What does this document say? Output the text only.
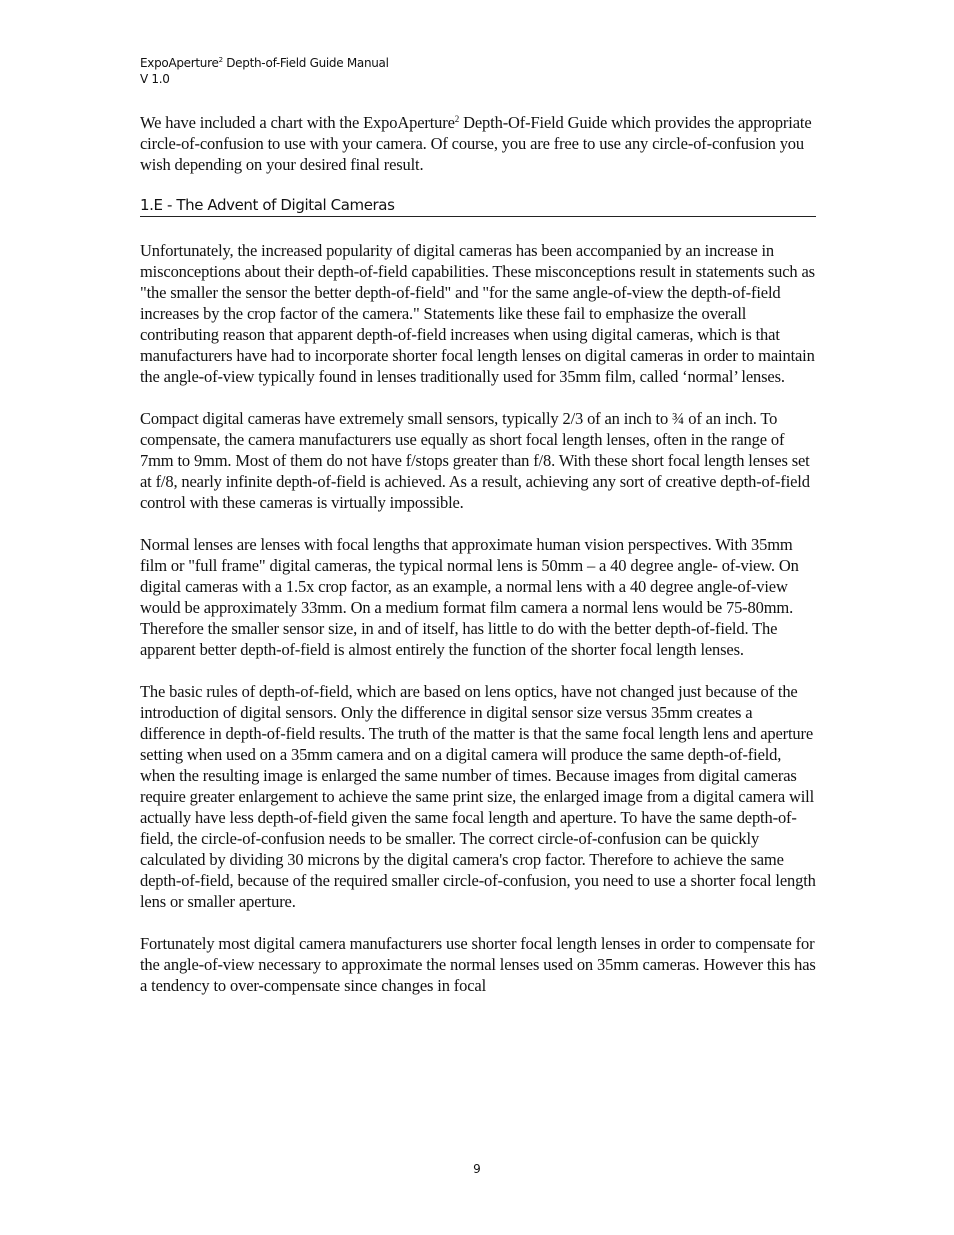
ExpoAperture$^2$ Depth-of-Field Guide Manual
V 1.0

We have included a chart with the ExpoAperture$^2$ Depth-Of-Field Guide which provides the appropriate circle-of-confusion to use with your camera. Of course, you are free to use any circle-of-confusion you wish depending on your desired final result.

1.E - The Advent of Digital Cameras

Unfortunately, the increased popularity of digital cameras has been accompanied by an increase in misconceptions about their depth-of-field capabilities. These misconceptions result in statements such as "the smaller the sensor the better depth-of-field" and "for the same angle-of-view the depth-of-field increases by the crop factor of the camera." Statements like these fail to emphasize the overall contributing reason that apparent depth-of-field increases when using digital cameras, which is that manufacturers have had to incorporate shorter focal length lenses on digital cameras in order to maintain the angle-of-view typically found in lenses traditionally used for 35mm film, called ‘normal’ lenses.

Compact digital cameras have extremely small sensors, typically 2/3 of an inch to ¾ of an inch. To compensate, the camera manufacturers use equally as short focal length lenses, often in the range of 7mm to 9mm. Most of them do not have f/stops greater than f/8. With these short focal length lenses set at f/8, nearly infinite depth-of-field is achieved. As a result, achieving any sort of creative depth-of-field control with these cameras is virtually impossible.

Normal lenses are lenses with focal lengths that approximate human vision perspectives. With 35mm film or "full frame" digital cameras, the typical normal lens is 50mm – a 40 degree angle- of-view. On digital cameras with a 1.5x crop factor, as an example, a normal lens with a 40 degree angle-of-view would be approximately 33mm. On a medium format film camera a normal lens would be 75-80mm. Therefore the smaller sensor size, in and of itself, has little to do with the better depth-of-field. The apparent better depth-of-field is almost entirely the function of the shorter focal length lenses.

The basic rules of depth-of-field, which are based on lens optics, have not changed just because of the introduction of digital sensors. Only the difference in digital sensor size versus 35mm creates a difference in depth-of-field results. The truth of the matter is that the same focal length lens and aperture setting when used on a 35mm camera and on a digital camera will produce the same depth-of-field, when the resulting image is enlarged the same number of times. Because images from digital cameras require greater enlargement to achieve the same print size, the enlarged image from a digital camera will actually have less depth-of-field given the same focal length and aperture. To have the same depth-of-field, the circle-of-confusion needs to be smaller. The correct circle-of-confusion can be quickly calculated by dividing 30 microns by the digital camera's crop factor. Therefore to achieve the same depth-of-field, because of the required smaller circle-of-confusion, you need to use a shorter focal length lens or smaller aperture.

Fortunately most digital camera manufacturers use shorter focal length lenses in order to compensate for the angle-of-view necessary to approximate the normal lenses used on 35mm cameras. However this has a tendency to over-compensate since changes in focal

9
